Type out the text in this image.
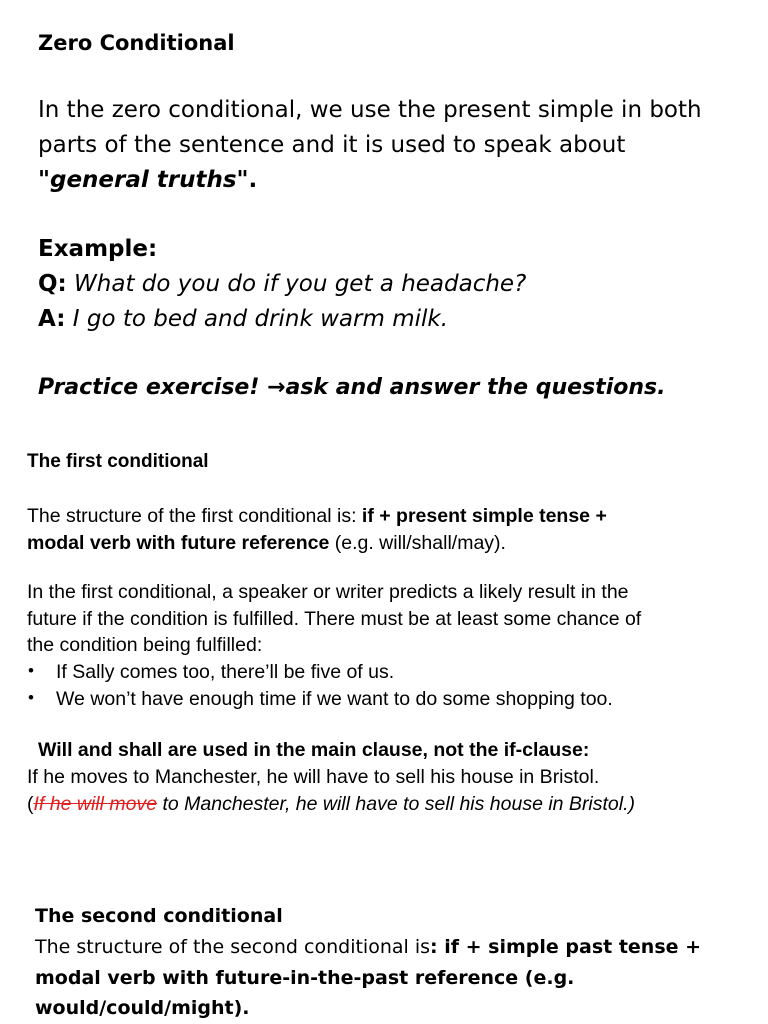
Zero Conditional
In the zero conditional, we use the present simple in both
parts of the sentence and it is used to speak about
"general truths".
Example:
Q: What do you do if you get a headache?
A: I go to bed and drink warm milk.
Practice exercise! →ask and answer the questions.
The first conditional
The structure of the first conditional is: if + present simple tense +
modal verb with future reference (e.g. will/shall/may).
In the first conditional, a speaker or writer predicts a likely result in the
future if the condition is fulfilled. There must be at least some chance of
the condition being fulfilled:
• If Sally comes too, there’ll be five of us.
• We won’t have enough time if we want to do some shopping too.
Will and shall are used in the main clause, not the if-clause:
If he moves to Manchester, he will have to sell his house in Bristol.
(If he will move to Manchester, he will have to sell his house in Bristol.)
The second conditional
The structure of the second conditional is: if + simple past tense +
modal verb with future-in-the-past reference (e.g.
would/could/might).
